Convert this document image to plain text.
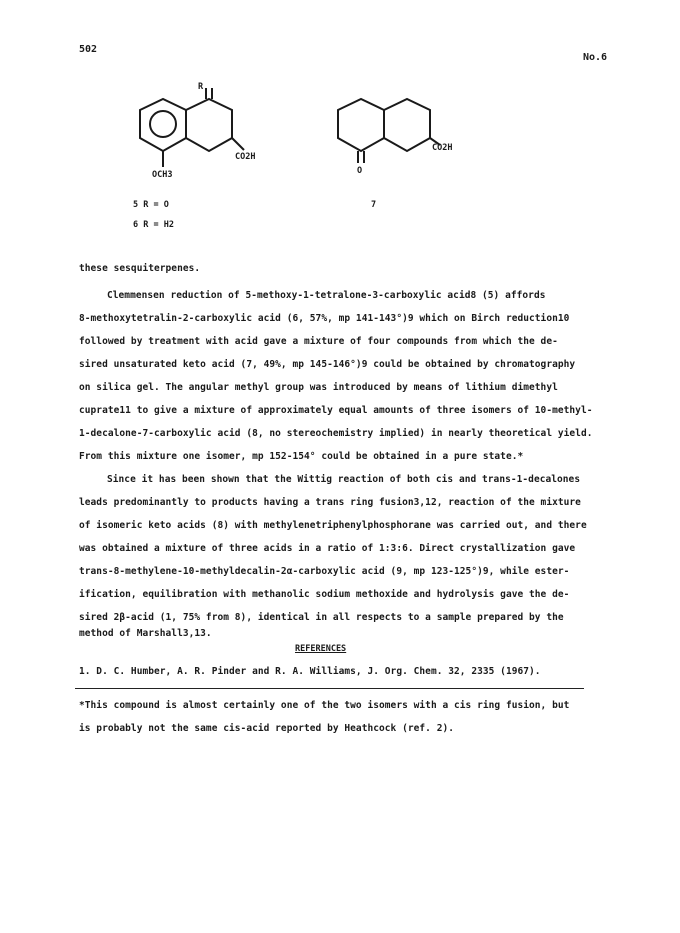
502
No.6
R
CO2H
OCH3
5 R = O
6 R = H2
CO2H
O
7
these sesquiterpenes.
Clemmensen reduction of 5-methoxy-1-tetralone-3-carboxylic acid8 (5) affords
8-methoxytetralin-2-carboxylic acid (6, 57%, mp 141-143°)9 which on Birch reduction10
followed by treatment with acid gave a mixture of four compounds from which the de-
sired unsaturated keto acid (7, 49%, mp 145-146°)9 could be obtained by chromatography
on silica gel. The angular methyl group was introduced by means of lithium dimethyl
cuprate11 to give a mixture of approximately equal amounts of three isomers of 10-methyl-
1-decalone-7-carboxylic acid (8, no stereochemistry implied) in nearly theoretical yield.
From this mixture one isomer, mp 152-154° could be obtained in a pure state.*
Since it has been shown that the Wittig reaction of both cis and trans-1-decalones
leads predominantly to products having a trans ring fusion3,12, reaction of the mixture
of isomeric keto acids (8) with methylenetriphenylphosphorane was carried out, and there
was obtained a mixture of three acids in a ratio of 1:3:6. Direct crystallization gave
trans-8-methylene-10-methyldecalin-2α-carboxylic acid (9, mp 123-125°)9, while ester-
ification, equilibration with methanolic sodium methoxide and hydrolysis gave the de-
sired 2β-acid (1, 75% from 8), identical in all respects to a sample prepared by the
method of Marshall3,13.
REFERENCES
1. D. C. Humber, A. R. Pinder and R. A. Williams, J. Org. Chem. 32, 2335 (1967).
*This compound is almost certainly one of the two isomers with a cis ring fusion, but
is probably not the same cis-acid reported by Heathcock (ref. 2).
